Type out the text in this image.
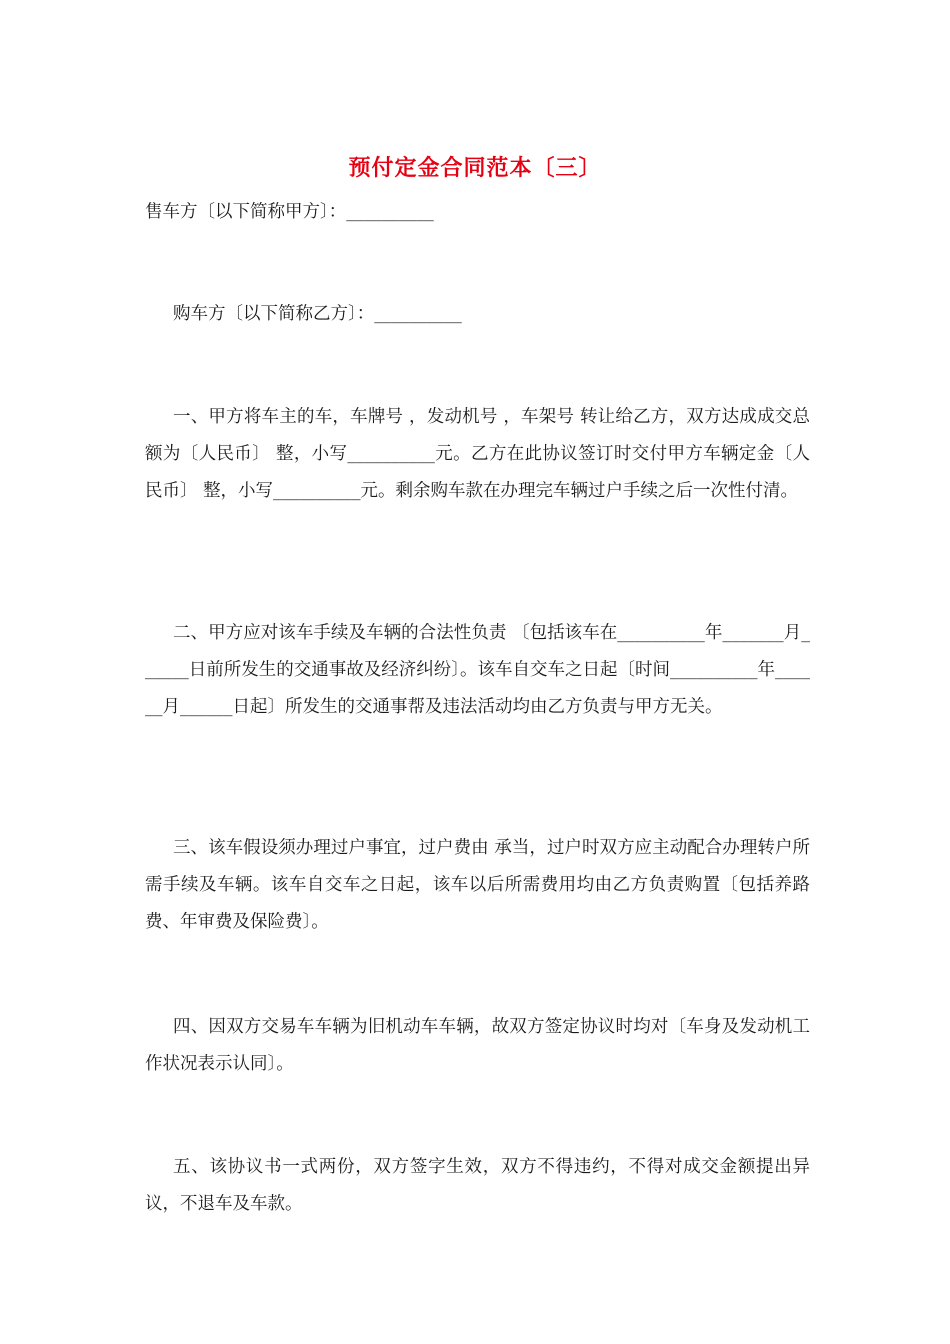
预付定金合同范本〔三〕

售车方〔以下简称甲方〕：__________

购车方〔以下简称乙方〕：__________

一、甲方将车主的车，车牌号 ，发动机号 ，车架号 转让给乙方，双方达成成交总额为〔人民币〕 整，小写__________元。乙方在此协议签订时交付甲方车辆定金〔人民币〕 整，小写__________元。剩余购车款在办理完车辆过户手续之后一次性付清。

二、甲方应对该车手续及车辆的合法性负责 〔包括该车在__________年_______月______日前所发生的交通事故及经济纠纷〕。该车自交车之日起〔时间__________年______月______日起〕所发生的交通事帮及违法活动均由乙方负责与甲方无关。

三、该车假设须办理过户事宜，过户费由 承当，过户时双方应主动配合办理转户所需手续及车辆。该车自交车之日起，该车以后所需费用均由乙方负责购置〔包括养路费、年审费及保险费〕。

四、因双方交易车车辆为旧机动车车辆，故双方签定协议时均对〔车身及发动机工作状况表示认同〕。

五、该协议书一式两份，双方签字生效，双方不得违约，不得对成交金额提出异议，不退车及车款。
